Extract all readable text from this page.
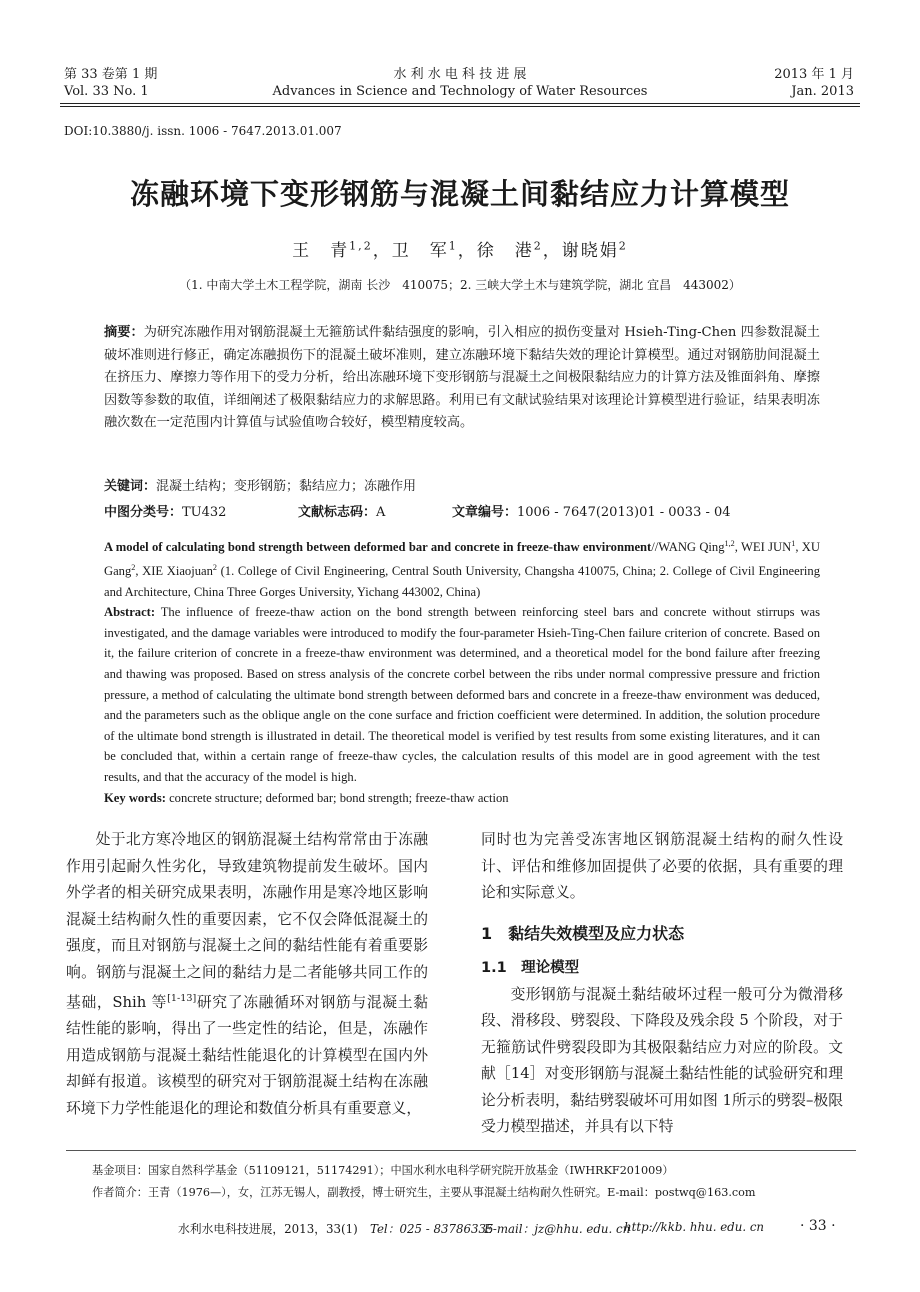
第 33 卷第 1 期
Vol. 33 No. 1
水 利 水 电 科 技 进 展
Advances in Science and Technology of Water Resources
2013 年 1 月
Jan. 2013
DOI:10.3880/j. issn. 1006 - 7647.2013.01.007
冻融环境下变形钢筋与混凝土间黏结应力计算模型
王　青$^{1,2}$，卫　军$^1$，徐　港$^2$，谢晓娟$^2$
（1. 中南大学土木工程学院，湖南 长沙　410075；2. 三峡大学土木与建筑学院，湖北 宜昌　443002）
摘要：为研究冻融作用对钢筋混凝土无箍筋试件黏结强度的影响，引入相应的损伤变量对 Hsieh-Ting-Chen 四参数混凝土破坏准则进行修正，确定冻融损伤下的混凝土破坏准则，建立冻融环境下黏结失效的理论计算模型。通过对钢筋肋间混凝土在挤压力、摩擦力等作用下的受力分析，给出冻融环境下变形钢筋与混凝土之间极限黏结应力的计算方法及锥面斜角、摩擦因数等参数的取值，详细阐述了极限黏结应力的求解思路。利用已有文献试验结果对该理论计算模型进行验证，结果表明冻融次数在一定范围内计算值与试验值吻合较好，模型精度较高。
关键词：混凝土结构；变形钢筋；黏结应力；冻融作用
中图分类号：TU432	文献标志码：A	文章编号：1006 - 7647(2013)01 - 0033 - 04
A model of calculating bond strength between deformed bar and concrete in freeze-thaw environment//WANG Qing$^{1,2}$, WEI JUN$^1$, XU Gang$^2$, XIE Xiaojuan$^2$ (1. College of Civil Engineering, Central South University, Changsha 410075, China; 2. College of Civil Engineering and Architecture, China Three Gorges University, Yichang 443002, China)
Abstract: The influence of freeze-thaw action on the bond strength between reinforcing steel bars and concrete without stirrups was investigated, and the damage variables were introduced to modify the four-parameter Hsieh-Ting-Chen failure criterion of concrete. Based on it, the failure criterion of concrete in a freeze-thaw environment was determined, and a theoretical model for the bond failure after freezing and thawing was proposed. Based on stress analysis of the concrete corbel between the ribs under normal compressive pressure and friction pressure, a method of calculating the ultimate bond strength between deformed bars and concrete in a freeze-thaw environment was deduced, and the parameters such as the oblique angle on the cone surface and friction coefficient were determined. In addition, the solution procedure of the ultimate bond strength is illustrated in detail. The theoretical model is verified by test results from some existing literatures, and it can be concluded that, within a certain range of freeze-thaw cycles, the calculation results of this model are in good agreement with the test results, and that the accuracy of the model is high.
Key words: concrete structure; deformed bar; bond strength; freeze-thaw action

处于北方寒冷地区的钢筋混凝土结构常常由于冻融作用引起耐久性劣化，导致建筑物提前发生破坏。国内外学者的相关研究成果表明，冻融作用是寒冷地区影响混凝土结构耐久性的重要因素，它不仅会降低混凝土的强度，而且对钢筋与混凝土之间的黏结性能有着重要影响。钢筋与混凝土之间的黏结力是二者能够共同工作的基础，Shih 等[1-13]研究了冻融循环对钢筋与混凝土黏结性能的影响，得出了一些定性的结论，但是，冻融作用造成钢筋与混凝土黏结性能退化的计算模型在国内外却鲜有报道。该模型的研究对于钢筋混凝土结构在冻融环境下力学性能退化的理论和数值分析具有重要意义，

同时也为完善受冻害地区钢筋混凝土结构的耐久性设计、评估和维修加固提供了必要的依据，具有重要的理论和实际意义。

1　黏结失效模型及应力状态
1.1　理论模型

变形钢筋与混凝土黏结破坏过程一般可分为微滑移段、滑移段、劈裂段、下降段及残余段 5 个阶段，对于无箍筋试件劈裂段即为其极限黏结应力对应的阶段。文献［14］对变形钢筋与混凝土黏结性能的试验研究和理论分析表明，黏结劈裂破坏可用如图 1所示的劈裂–极限受力模型描述，并具有以下特

基金项目：国家自然科学基金（51109121，51174291）；中国水利水电科学研究院开放基金（IWHRKF201009）
作者简介：王青（1976—），女，江苏无锡人，副教授，博士研究生，主要从事混凝土结构耐久性研究。E-mail：postwq@163.com
水利水电科技进展，2013，33(1) Tel：025 - 83786335
E-mail：jz@hhu. edu. cn
http://kkb. hhu. edu. cn	· 33 ·
